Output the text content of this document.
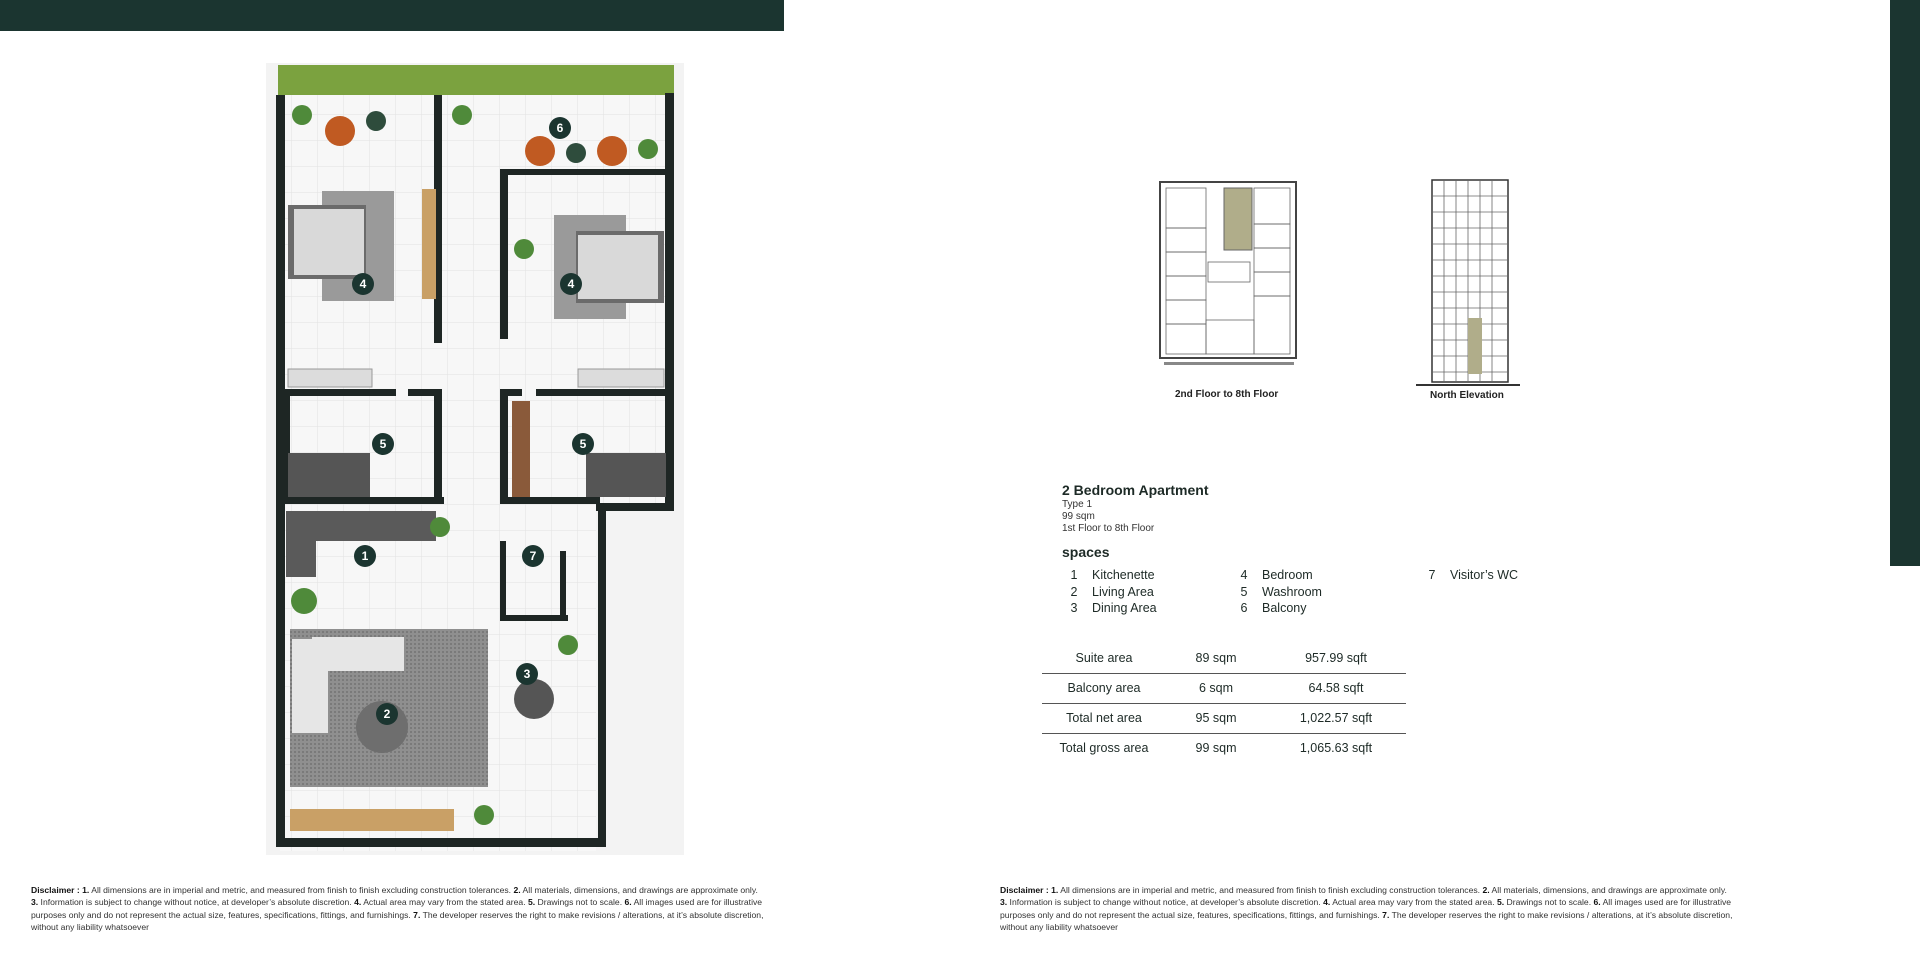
6
4	4
5	5
1	7
3
2
2nd Floor to 8th Floor	North Elevation
2 Bedroom Apartment
Type 1
99 sqm
1st Floor to 8th Floor
spaces
1 Kitchenette
2 Living Area
3 Dining Area
4 Bedroom
5 Washroom
6 Balcony
7 Visitor’s WC
Suite area	89 sqm	957.99 sqft
Balcony area	6 sqm	64.58 sqft
Total net area	95 sqm	1,022.57 sqft
Total gross area	99 sqm	1,065.63 sqft
Disclaimer : 1. All dimensions are in imperial and metric, and measured from finish to finish excluding construction tolerances. 2. All materials, dimensions, and drawings are approximate only. 3. Information is subject to change without notice, at developer’s absolute discretion. 4. Actual area may vary from the stated area. 5. Drawings not to scale. 6. All images used are for illustrative purposes only and do not represent the actual size, features, specifications, fittings, and furnishings. 7. The developer reserves the right to make revisions / alterations, at it’s absolute discretion, without any liability whatsoever
Disclaimer : 1. All dimensions are in imperial and metric, and measured from finish to finish excluding construction tolerances. 2. All materials, dimensions, and drawings are approximate only. 3. Information is subject to change without notice, at developer’s absolute discretion. 4. Actual area may vary from the stated area. 5. Drawings not to scale. 6. All images used are for illustrative purposes only and do not represent the actual size, features, specifications, fittings, and furnishings. 7. The developer reserves the right to make revisions / alterations, at it’s absolute discretion, without any liability whatsoever
